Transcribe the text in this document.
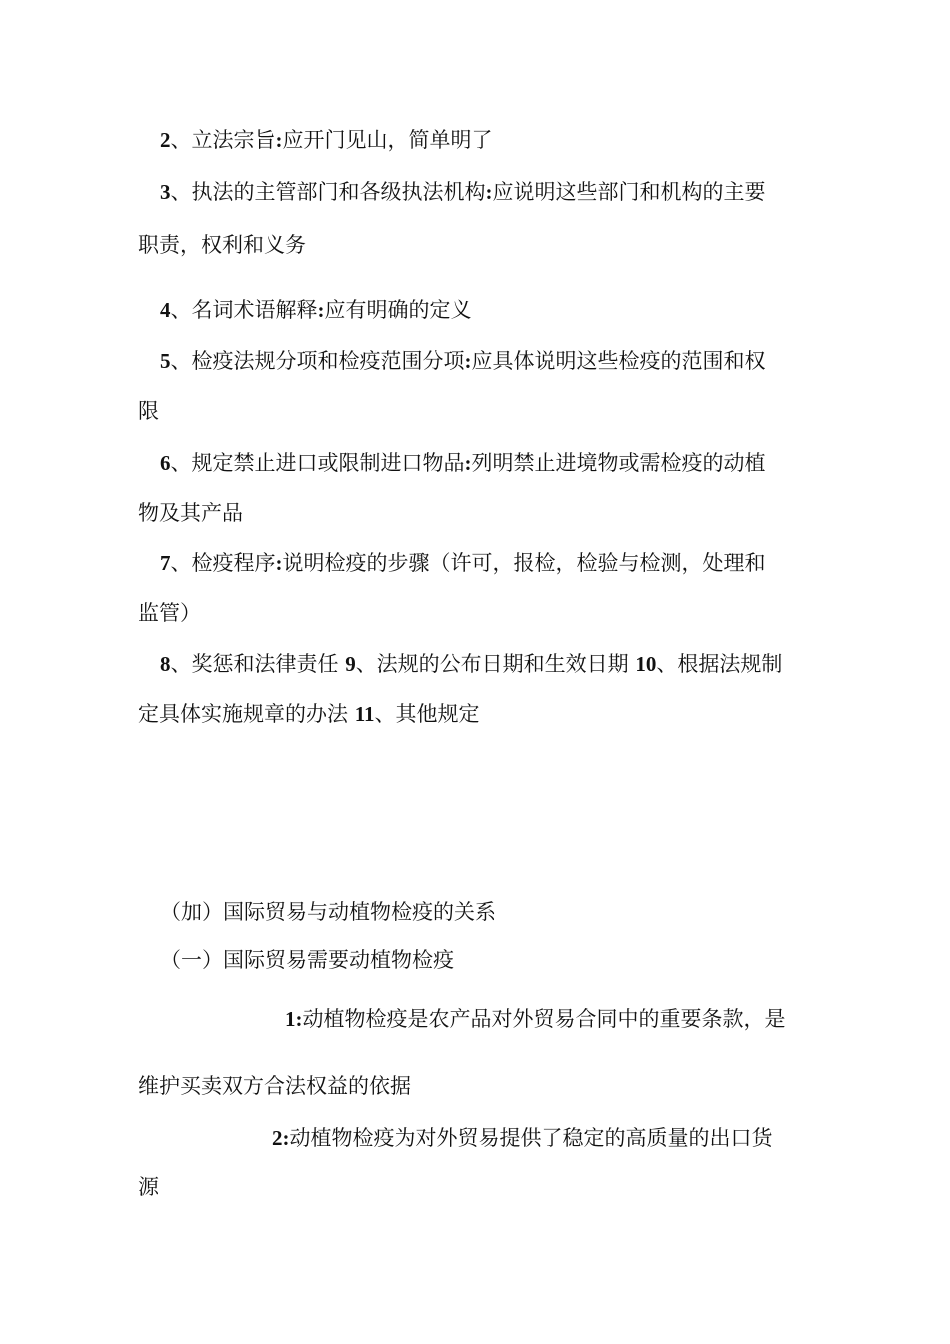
2、立法宗旨:应开门见山，简单明了

3、执法的主管部门和各级执法机构:应说明这些部门和机构的主要
职责，权利和义务

4、名词术语解释:应有明确的定义

5、检疫法规分项和检疫范围分项:应具体说明这些检疫的范围和权
限

6、规定禁止进口或限制进口物品:列明禁止进境物或需检疫的动植
物及其产品

7、检疫程序:说明检疫的步骤（许可，报检，检验与检测，处理和
监管）

8、奖惩和法律责任 9、法规的公布日期和生效日期 10、根据法规制
定具体实施规章的办法 11、其他规定

（加）国际贸易与动植物检疫的关系

（一）国际贸易需要动植物检疫

1:动植物检疫是农产品对外贸易合同中的重要条款，是
维护买卖双方合法权益的依据

2:动植物检疫为对外贸易提供了稳定的高质量的出口货
源
